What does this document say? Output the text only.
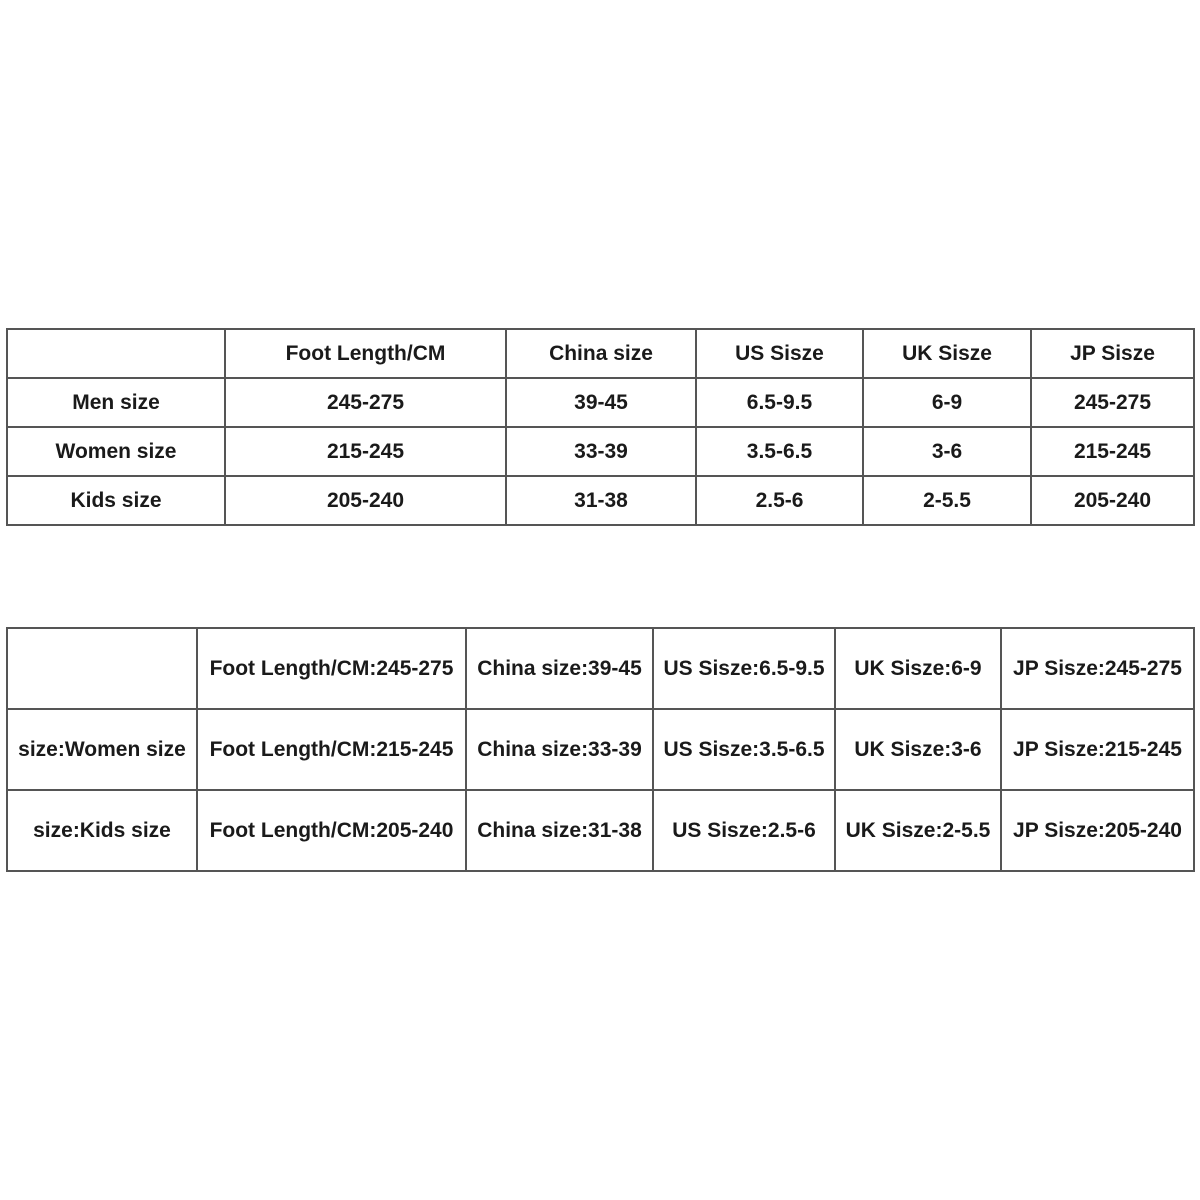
	Foot Length/CM	China size	US Sisze	UK Sisze	JP Sisze
Men size	245-275	39-45	6.5-9.5	6-9	245-275
Women size	215-245	33-39	3.5-6.5	3-6	215-245
Kids size	205-240	31-38	2.5-6	2-5.5	205-240
	Foot Length/CM:245-275	China size:39-45	US Sisze:6.5-9.5	UK Sisze:6-9	JP Sisze:245-275
size:Women size	Foot Length/CM:215-245	China size:33-39	US Sisze:3.5-6.5	UK Sisze:3-6	JP Sisze:215-245
size:Kids size	Foot Length/CM:205-240	China size:31-38	US Sisze:2.5-6	UK Sisze:2-5.5	JP Sisze:205-240
